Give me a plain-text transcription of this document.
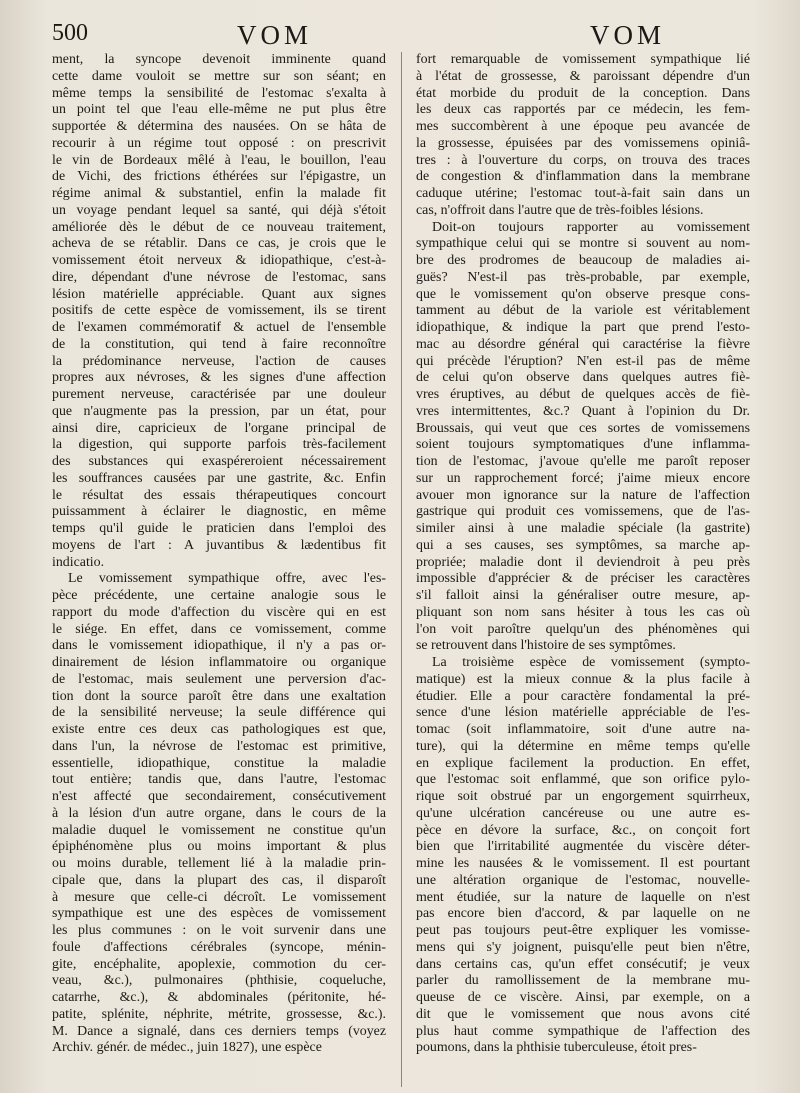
500	VOM	VOM
ment, la syncope devenoit imminente quand
cette dame vouloit se mettre sur son séant; en
même temps la sensibilité de l'estomac s'exalta à
un point tel que l'eau elle-même ne put plus être
supportée & détermina des nausées. On se hâta de
recourir à un régime tout opposé : on prescrivit
le vin de Bordeaux mêlé à l'eau, le bouillon, l'eau
de Vichi, des frictions éthérées sur l'épigastre, un
régime animal & substantiel, enfin la malade fit
un voyage pendant lequel sa santé, qui déjà s'étoit
améliorée dès le début de ce nouveau traitement,
acheva de se rétablir. Dans ce cas, je crois que le
vomissement étoit nerveux & idiopathique, c'est-à-
dire, dépendant d'une névrose de l'estomac, sans
lésion matérielle appréciable. Quant aux signes
positifs de cette espèce de vomissement, ils se tirent
de l'examen commémoratif & actuel de l'ensemble
de la constitution, qui tend à faire reconnoître
la prédominance nerveuse, l'action de causes
propres aux névroses, & les signes d'une affection
purement nerveuse, caractérisée par une douleur
que n'augmente pas la pression, par un état, pour
ainsi dire, capricieux de l'organe principal de
la digestion, qui supporte parfois très-facilement
des substances qui exaspéreroient nécessairement
les souffrances causées par une gastrite, &c. Enfin
le résultat des essais thérapeutiques concourt
puissamment à éclairer le diagnostic, en même
temps qu'il guide le praticien dans l'emploi des
moyens de l'art : A juvantibus & lædentibus fit
indicatio.
Le vomissement sympathique offre, avec l'es-
pèce précédente, une certaine analogie sous le
rapport du mode d'affection du viscère qui en est
le siége. En effet, dans ce vomissement, comme
dans le vomissement idiopathique, il n'y a pas or-
dinairement de lésion inflammatoire ou organique
de l'estomac, mais seulement une perversion d'ac-
tion dont la source paroît être dans une exaltation
de la sensibilité nerveuse; la seule différence qui
existe entre ces deux cas pathologiques est que,
dans l'un, la névrose de l'estomac est primitive,
essentielle, idiopathique, constitue la maladie
tout entière; tandis que, dans l'autre, l'estomac
n'est affecté que secondairement, consécutivement
à la lésion d'un autre organe, dans le cours de la
maladie duquel le vomissement ne constitue qu'un
épiphénomène plus ou moins important & plus
ou moins durable, tellement lié à la maladie prin-
cipale que, dans la plupart des cas, il disparoît
à mesure que celle-ci décroît. Le vomissement
sympathique est une des espèces de vomissement
les plus communes : on le voit survenir dans une
foule d'affections cérébrales (syncope, ménin-
gite, encéphalite, apoplexie, commotion du cer-
veau, &c.), pulmonaires (phthisie, coqueluche,
catarrhe, &c.), & abdominales (péritonite, hé-
patite, splénite, néphrite, métrite, grossesse, &c.).
M. Dance a signalé, dans ces derniers temps (voyez
Archiv. génér. de médec., juin 1827), une espèce
fort remarquable de vomissement sympathique lié
à l'état de grossesse, & paroissant dépendre d'un
état morbide du produit de la conception. Dans
les deux cas rapportés par ce médecin, les fem-
mes succombèrent à une époque peu avancée de
la grossesse, épuisées par des vomissemens opiniâ-
tres : à l'ouverture du corps, on trouva des traces
de congestion & d'inflammation dans la membrane
caduque utérine; l'estomac tout-à-fait sain dans un
cas, n'offroit dans l'autre que de très-foibles lésions.
Doit-on toujours rapporter au vomissement
sympathique celui qui se montre si souvent au nom-
bre des prodromes de beaucoup de maladies ai-
guës? N'est-il pas très-probable, par exemple,
que le vomissement qu'on observe presque cons-
tamment au début de la variole est véritablement
idiopathique, & indique la part que prend l'esto-
mac au désordre général qui caractérise la fièvre
qui précède l'éruption? N'en est-il pas de même
de celui qu'on observe dans quelques autres fiè-
vres éruptives, au début de quelques accès de fiè-
vres intermittentes, &c.? Quant à l'opinion du Dr.
Broussais, qui veut que ces sortes de vomissemens
soient toujours symptomatiques d'une inflamma-
tion de l'estomac, j'avoue qu'elle me paroît reposer
sur un rapprochement forcé; j'aime mieux encore
avouer mon ignorance sur la nature de l'affection
gastrique qui produit ces vomissemens, que de l'as-
similer ainsi à une maladie spéciale (la gastrite)
qui a ses causes, ses symptômes, sa marche ap-
propriée; maladie dont il deviendroit à peu près
impossible d'apprécier & de préciser les caractères
s'il falloit ainsi la généraliser outre mesure, ap-
pliquant son nom sans hésiter à tous les cas où
l'on voit paroître quelqu'un des phénomènes qui
se retrouvent dans l'histoire de ses symptômes.
La troisième espèce de vomissement (sympto-
matique) est la mieux connue & la plus facile à
étudier. Elle a pour caractère fondamental la pré-
sence d'une lésion matérielle appréciable de l'es-
tomac (soit inflammatoire, soit d'une autre na-
ture), qui la détermine en même temps qu'elle
en explique facilement la production. En effet,
que l'estomac soit enflammé, que son orifice pylo-
rique soit obstrué par un engorgement squirrheux,
qu'une ulcération cancéreuse ou une autre es-
pèce en dévore la surface, &c., on conçoit fort
bien que l'irritabilité augmentée du viscère déter-
mine les nausées & le vomissement. Il est pourtant
une altération organique de l'estomac, nouvelle-
ment étudiée, sur la nature de laquelle on n'est
pas encore bien d'accord, & par laquelle on ne
peut pas toujours peut-être expliquer les vomisse-
mens qui s'y joignent, puisqu'elle peut bien n'être,
dans certains cas, qu'un effet consécutif; je veux
parler du ramollissement de la membrane mu-
queuse de ce viscère. Ainsi, par exemple, on a
dit que le vomissement que nous avons cité
plus haut comme sympathique de l'affection des
poumons, dans la phthisie tuberculeuse, étoit pres-
